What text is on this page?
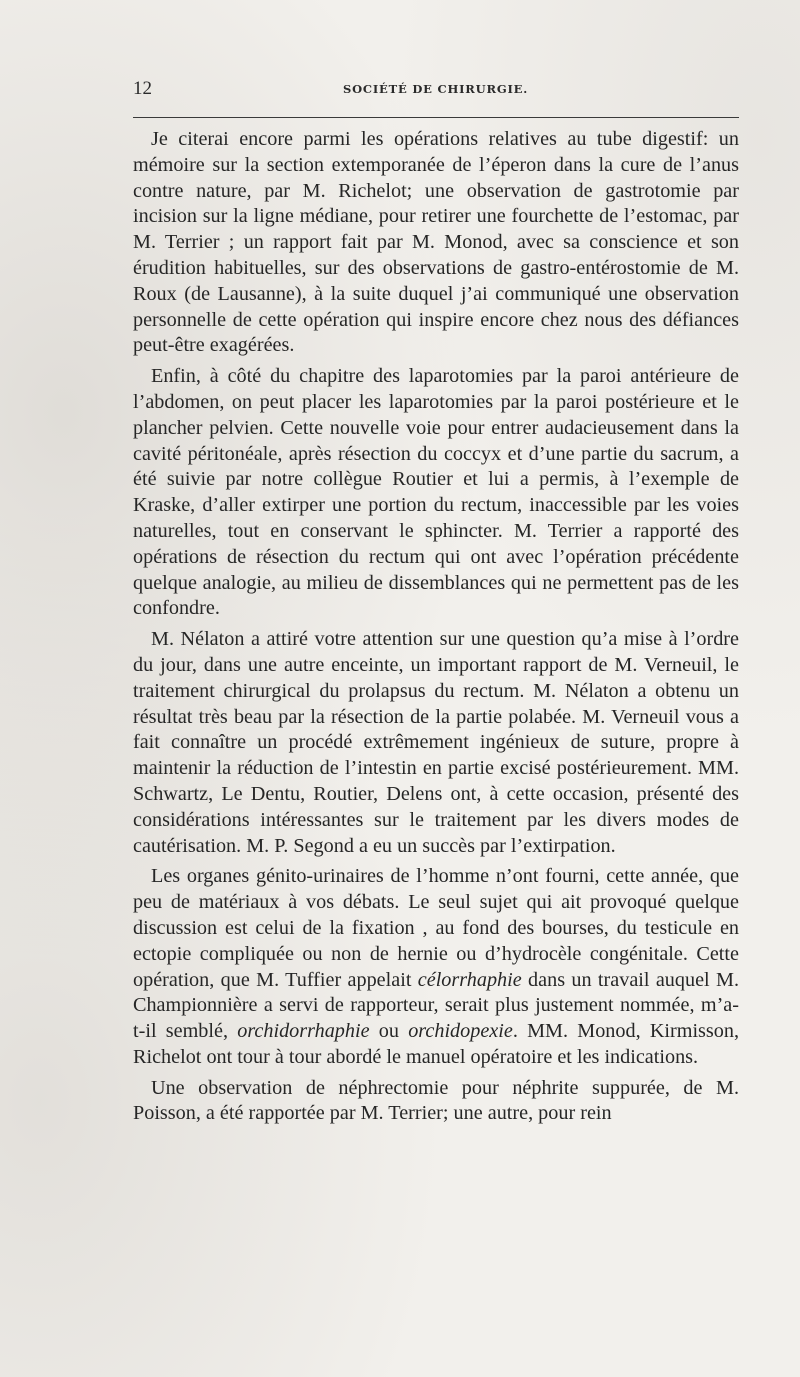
12	SOCIÉTÉ DE CHIRURGIE.

Je citerai encore parmi les opérations relatives au tube digestif: un mémoire sur la section extemporanée de l’éperon dans la cure de l’anus contre nature, par M. Richelot; une observation de gastrotomie par incision sur la ligne médiane, pour retirer une fourchette de l’estomac, par M. Terrier ; un rapport fait par M. Monod, avec sa conscience et son érudition habituelles, sur des observations de gastro-entérostomie de M. Roux (de Lausanne), à la suite duquel j’ai communiqué une observation personnelle de cette opération qui inspire encore chez nous des défiances peut-être exagérées.

Enfin, à côté du chapitre des laparotomies par la paroi antérieure de l’abdomen, on peut placer les laparotomies par la paroi postérieure et le plancher pelvien. Cette nouvelle voie pour entrer audacieusement dans la cavité péritonéale, après résection du coccyx et d’une partie du sacrum, a été suivie par notre collègue Routier et lui a permis, à l’exemple de Kraske, d’aller extirper une portion du rectum, inaccessible par les voies naturelles, tout en conservant le sphincter. M. Terrier a rapporté des opérations de résection du rectum qui ont avec l’opération précédente quelque analogie, au milieu de dissemblances qui ne permettent pas de les confondre.

M. Nélaton a attiré votre attention sur une question qu’a mise à l’ordre du jour, dans une autre enceinte, un important rapport de M. Verneuil, le traitement chirurgical du prolapsus du rectum. M. Nélaton a obtenu un résultat très beau par la résection de la partie polabée. M. Verneuil vous a fait connaître un procédé extrêmement ingénieux de suture, propre à maintenir la réduction de l’intestin en partie excisé postérieurement. MM. Schwartz, Le Dentu, Routier, Delens ont, à cette occasion, présenté des considérations intéressantes sur le traitement par les divers modes de cautérisation. M. P. Segond a eu un succès par l’extirpation.

Les organes génito-urinaires de l’homme n’ont fourni, cette année, que peu de matériaux à vos débats. Le seul sujet qui ait provoqué quelque discussion est celui de la fixation , au fond des bourses, du testicule en ectopie compliquée ou non de hernie ou d’hydrocèle congénitale. Cette opération, que M. Tuffier appelait célorrhaphie dans un travail auquel M. Championnière a servi de rapporteur, serait plus justement nommée, m’a-t-il semblé, orchidorrhaphie ou orchidopexie. MM. Monod, Kirmisson, Richelot ont tour à tour abordé le manuel opératoire et les indications.

Une observation de néphrectomie pour néphrite suppurée, de M. Poisson, a été rapportée par M. Terrier; une autre, pour rein
